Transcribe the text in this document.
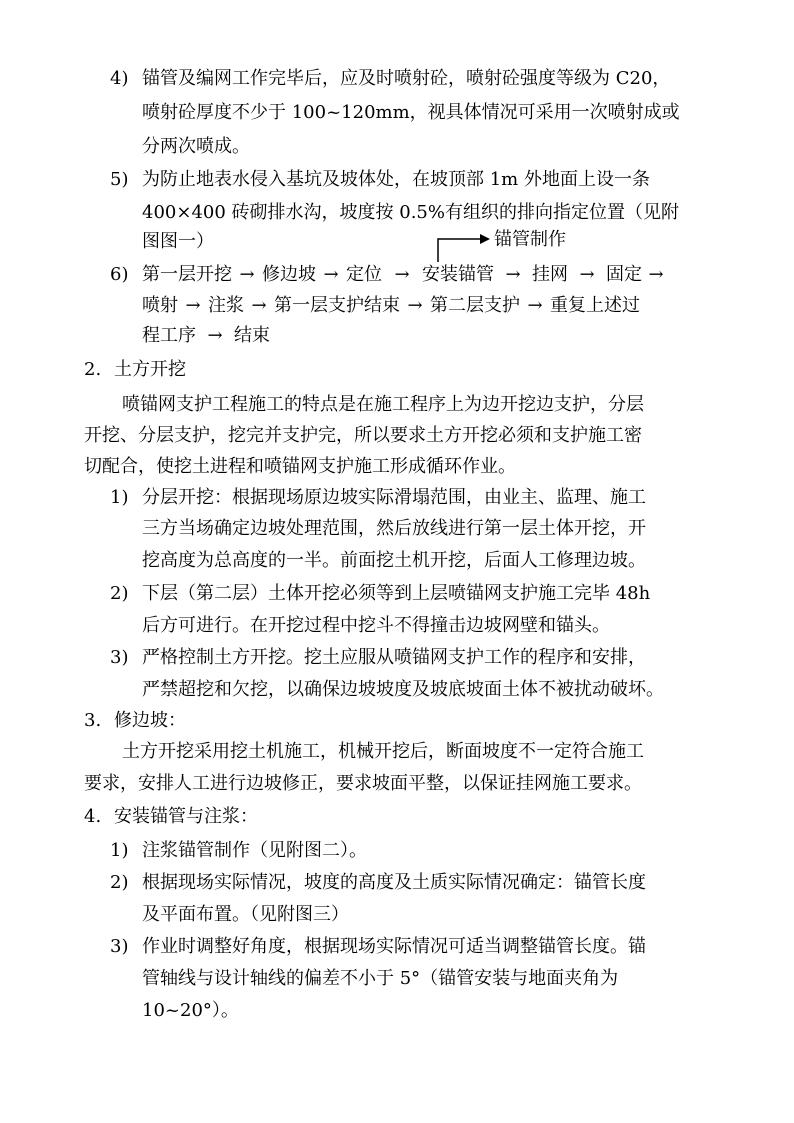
4) 锚管及编网工作完毕后，应及时喷射砼，喷射砼强度等级为 C20，
喷射砼厚度不少于 100~120mm，视具体情况可采用一次喷射成或
分两次喷成。
5) 为防止地表水侵入基坑及坡体处，在坡顶部 1m 外地面上设一条
400×400 砖砌排水沟，坡度按 0.5%有组织的排向指定位置（见附
图图一）	锚管制作
6) 第一层开挖 → 修边坡 → 定位 → 安装锚管 → 挂网 → 固定 →
喷射 → 注浆 → 第一层支护结束 → 第二层支护 → 重复上述过
程工序 → 结束
2. 土方开挖
喷锚网支护工程施工的特点是在施工程序上为边开挖边支护，分层
开挖、分层支护，挖完并支护完，所以要求土方开挖必须和支护施工密
切配合，使挖土进程和喷锚网支护施工形成循环作业。
1) 分层开挖：根据现场原边坡实际滑塌范围，由业主、监理、施工
三方当场确定边坡处理范围，然后放线进行第一层土体开挖，开
挖高度为总高度的一半。前面挖土机开挖，后面人工修理边坡。
2) 下层（第二层）土体开挖必须等到上层喷锚网支护施工完毕 48h
后方可进行。在开挖过程中挖斗不得撞击边坡网壁和锚头。
3) 严格控制土方开挖。挖土应服从喷锚网支护工作的程序和安排，
严禁超挖和欠挖，以确保边坡坡度及坡底坡面土体不被扰动破坏。
3. 修边坡：
土方开挖采用挖土机施工，机械开挖后，断面坡度不一定符合施工
要求，安排人工进行边坡修正，要求坡面平整，以保证挂网施工要求。
4. 安装锚管与注浆：
1) 注浆锚管制作（见附图二）。
2) 根据现场实际情况，坡度的高度及土质实际情况确定：锚管长度
及平面布置。（见附图三）
3) 作业时调整好角度，根据现场实际情况可适当调整锚管长度。锚
管轴线与设计轴线的偏差不小于 5°（锚管安装与地面夹角为
10~20°）。
